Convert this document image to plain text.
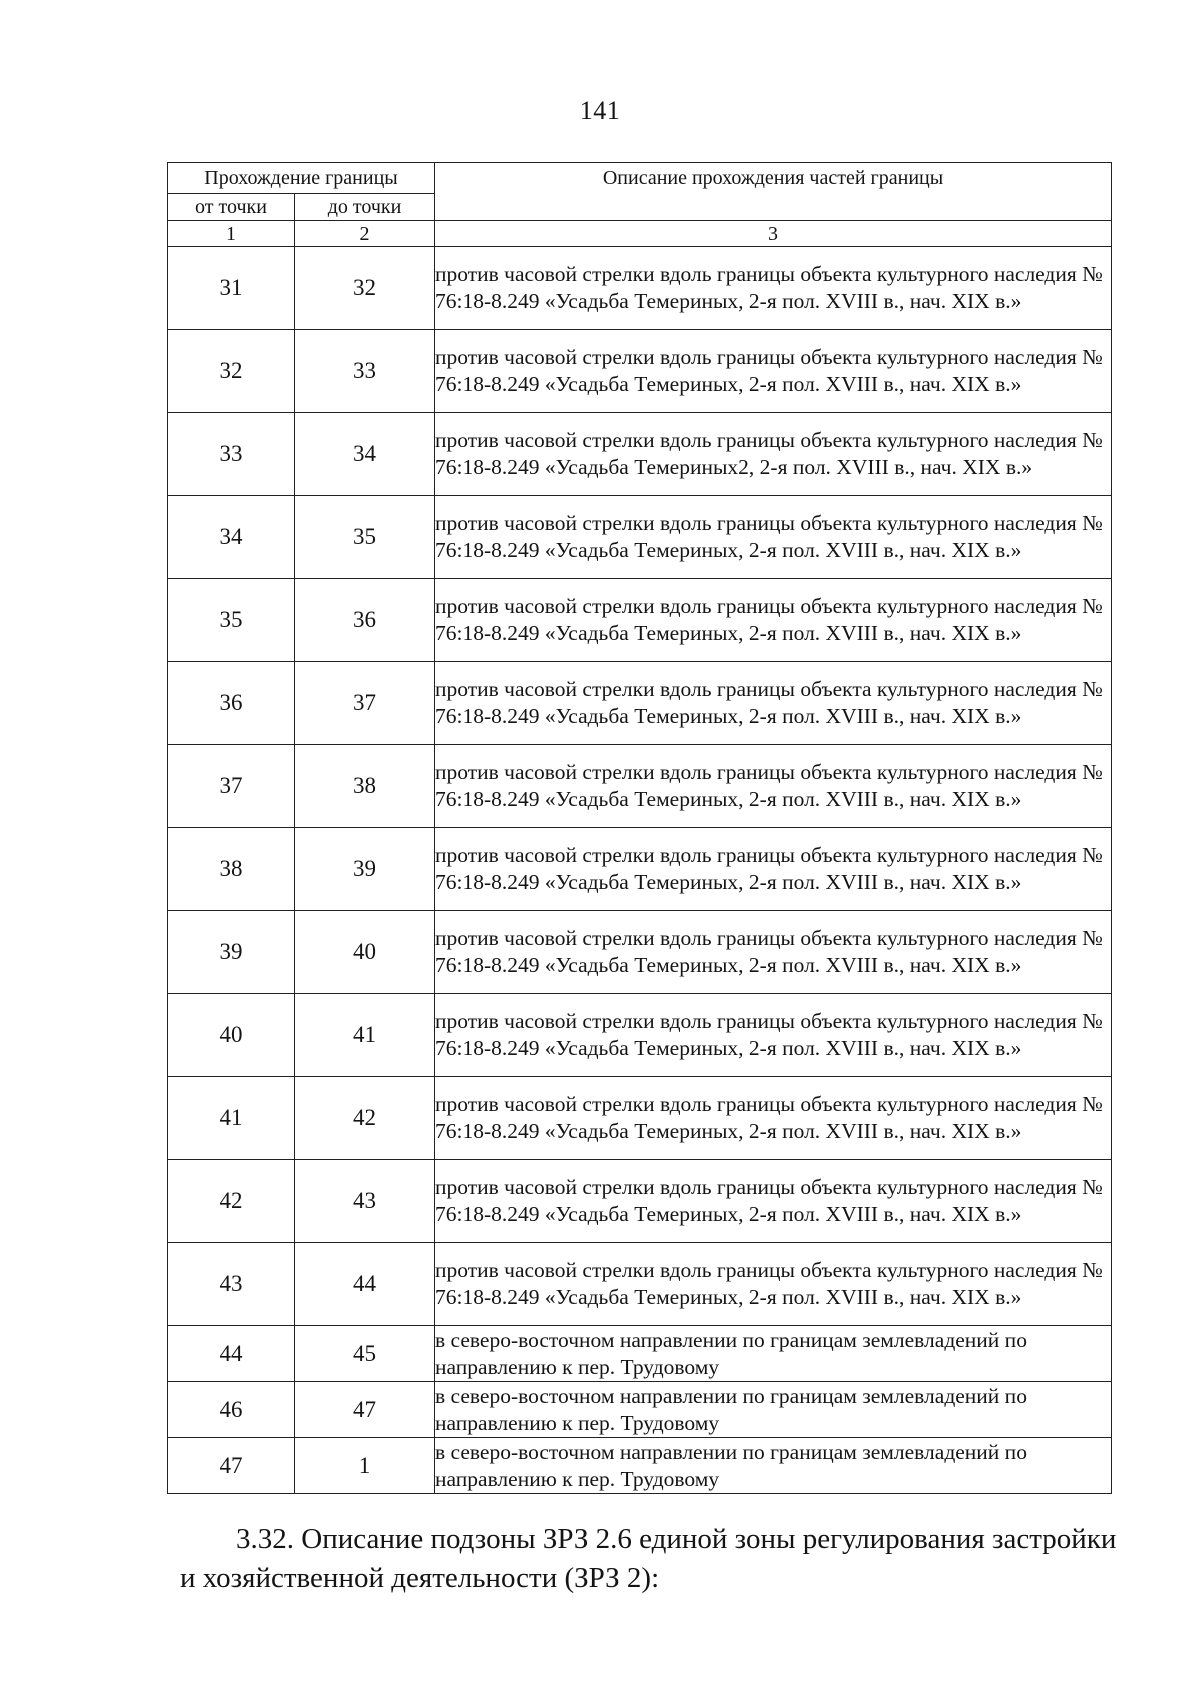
141
Прохождение границы		Описание прохождения частей границы
от точки	до точки	
1	2	3
31	32	против часовой стрелки вдоль границы объекта культурного наследия № 76:18-8.249 «Усадьба Темериных, 2-я пол. XVIII в., нач. XIX в.»
32	33	против часовой стрелки вдоль границы объекта культурного наследия № 76:18-8.249 «Усадьба Темериных, 2-я пол. XVIII в., нач. XIX в.»
33	34	против часовой стрелки вдоль границы объекта культурного наследия № 76:18-8.249 «Усадьба Темериных2, 2-я пол. XVIII в., нач. XIX в.»
34	35	против часовой стрелки вдоль границы объекта культурного наследия № 76:18-8.249 «Усадьба Темериных, 2-я пол. XVIII в., нач. XIX в.»
35	36	против часовой стрелки вдоль границы объекта культурного наследия № 76:18-8.249 «Усадьба Темериных, 2-я пол. XVIII в., нач. XIX в.»
36	37	против часовой стрелки вдоль границы объекта культурного наследия № 76:18-8.249 «Усадьба Темериных, 2-я пол. XVIII в., нач. XIX в.»
37	38	против часовой стрелки вдоль границы объекта культурного наследия № 76:18-8.249 «Усадьба Темериных, 2-я пол. XVIII в., нач. XIX в.»
38	39	против часовой стрелки вдоль границы объекта культурного наследия № 76:18-8.249 «Усадьба Темериных, 2-я пол. XVIII в., нач. XIX в.»
39	40	против часовой стрелки вдоль границы объекта культурного наследия № 76:18-8.249 «Усадьба Темериных, 2-я пол. XVIII в., нач. XIX в.»
40	41	против часовой стрелки вдоль границы объекта культурного наследия № 76:18-8.249 «Усадьба Темериных, 2-я пол. XVIII в., нач. XIX в.»
41	42	против часовой стрелки вдоль границы объекта культурного наследия № 76:18-8.249 «Усадьба Темериных, 2-я пол. XVIII в., нач. XIX в.»
42	43	против часовой стрелки вдоль границы объекта культурного наследия № 76:18-8.249 «Усадьба Темериных, 2-я пол. XVIII в., нач. XIX в.»
43	44	против часовой стрелки вдоль границы объекта культурного наследия № 76:18-8.249 «Усадьба Темериных, 2-я пол. XVIII в., нач. XIX в.»
44	45	в северо-восточном направлении по границам землевладений по направлению к пер. Трудовому
46	47	в северо-восточном направлении по границам землевладений по направлению к пер. Трудовому
47	1	в северо-восточном направлении по границам землевладений по направлению к пер. Трудовому
3.32. Описание подзоны ЗРЗ 2.6 единой зоны регулирования застройки
и хозяйственной деятельности (ЗРЗ 2):
